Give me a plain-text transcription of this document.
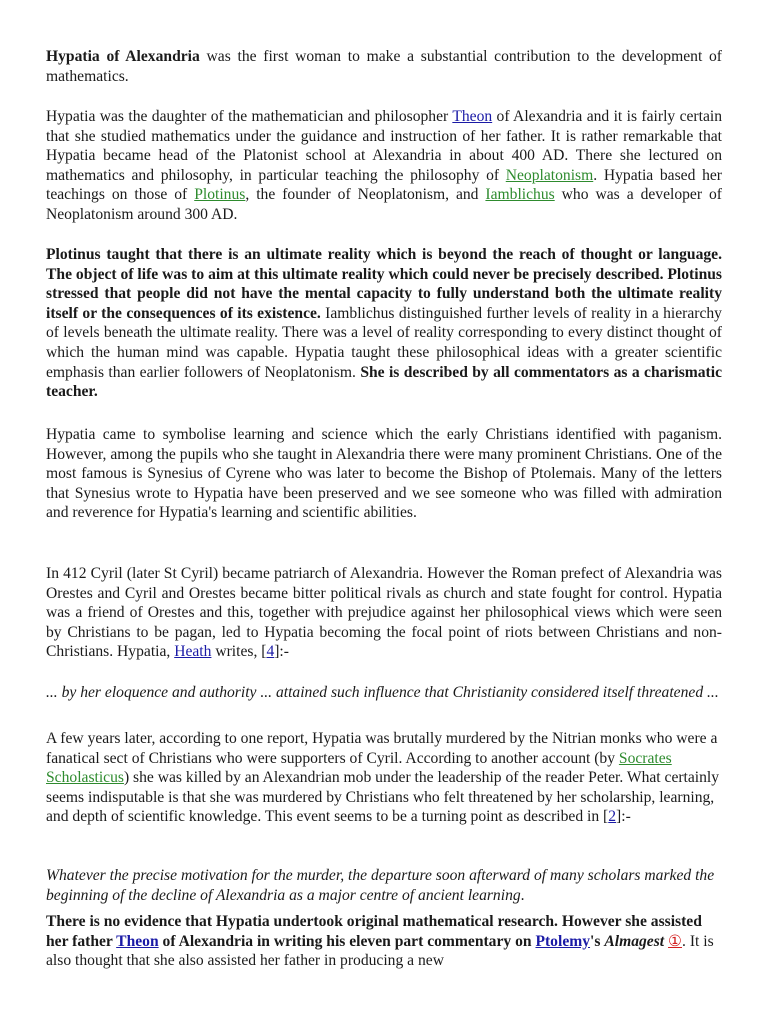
Hypatia of Alexandria was the first woman to make a substantial contribution to the development of mathematics.

Hypatia was the daughter of the mathematician and philosopher Theon of Alexandria and it is fairly certain that she studied mathematics under the guidance and instruction of her father. It is rather remarkable that Hypatia became head of the Platonist school at Alexandria in about 400 AD. There she lectured on mathematics and philosophy, in particular teaching the philosophy of Neoplatonism. Hypatia based her teachings on those of Plotinus, the founder of Neoplatonism, and Iamblichus who was a developer of Neoplatonism around 300 AD.

Plotinus taught that there is an ultimate reality which is beyond the reach of thought or language. The object of life was to aim at this ultimate reality which could never be precisely described. Plotinus stressed that people did not have the mental capacity to fully understand both the ultimate reality itself or the consequences of its existence. Iamblichus distinguished further levels of reality in a hierarchy of levels beneath the ultimate reality. There was a level of reality corresponding to every distinct thought of which the human mind was capable. Hypatia taught these philosophical ideas with a greater scientific emphasis than earlier followers of Neoplatonism. She is described by all commentators as a charismatic teacher.

Hypatia came to symbolise learning and science which the early Christians identified with paganism. However, among the pupils who she taught in Alexandria there were many prominent Christians. One of the most famous is Synesius of Cyrene who was later to become the Bishop of Ptolemais. Many of the letters that Synesius wrote to Hypatia have been preserved and we see someone who was filled with admiration and reverence for Hypatia's learning and scientific abilities.

In 412 Cyril (later St Cyril) became patriarch of Alexandria. However the Roman prefect of Alexandria was Orestes and Cyril and Orestes became bitter political rivals as church and state fought for control. Hypatia was a friend of Orestes and this, together with prejudice against her philosophical views which were seen by Christians to be pagan, led to Hypatia becoming the focal point of riots between Christians and non-Christians. Hypatia, Heath writes, [4]:-

... by her eloquence and authority ... attained such influence that Christianity considered itself threatened ...

A few years later, according to one report, Hypatia was brutally murdered by the Nitrian monks who were a fanatical sect of Christians who were supporters of Cyril. According to another account (by Socrates Scholasticus) she was killed by an Alexandrian mob under the leadership of the reader Peter. What certainly seems indisputable is that she was murdered by Christians who felt threatened by her scholarship, learning, and depth of scientific knowledge. This event seems to be a turning point as described in [2]:-

Whatever the precise motivation for the murder, the departure soon afterward of many scholars marked the beginning of the decline of Alexandria as a major centre of ancient learning.

There is no evidence that Hypatia undertook original mathematical research. However she assisted her father Theon of Alexandria in writing his eleven part commentary on Ptolemy's Almagest ①. It is also thought that she also assisted her father in producing a new
